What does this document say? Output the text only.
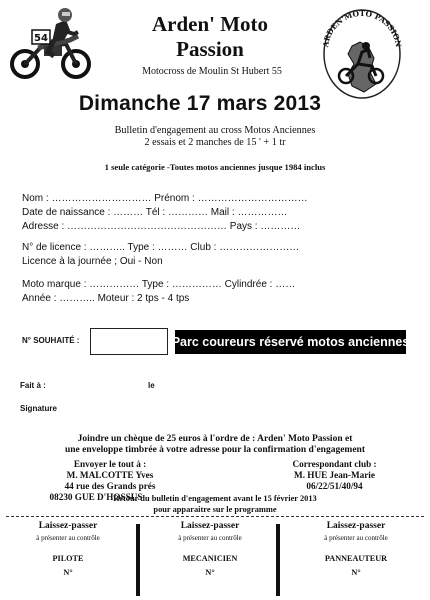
54
Arden' Moto
Passion
Motocross de Moulin St Hubert 55
ARDEN'MOTO PASSION
Dimanche 17 mars 2013
Bulletin d'engagement au cross Motos Anciennes
2 essais et 2 manches de 15 ' + 1 tr
1 seule catégorie -Toutes motos anciennes jusque 1984 inclus
Nom : ………………………… Prénom : ……………………………
Date de naissance : ……… Tél : ………… Mail : ……………
Adresse : ………………………………………… Pays : …………
N° de licence : ……….. Type : ……… Club : ……………………
Licence à la journée ; Oui - Non
Moto marque : …………… Type : …………… Cylindrée : ……
Année : ……….. Moteur : 2 tps - 4 tps
N° SOUHAITÉ :	Parc coureurs réservé motos anciennes
Fait à :	le
Signature
Joindre un chèque de 25 euros à l'ordre de : Arden' Moto Passion et
une enveloppe timbrée à votre adresse pour la confirmation d'engagement
Envoyer le tout à :
M. MALCOTTE Yves
44 rue des Grands prés
08230 GUE D'HOSSUS
Correspondant club :
M. HUE Jean-Marie
06/22/51/40/94
Retour du bulletin d'engagement avant le 15 février 2013
pour apparaitre sur le programme
Laissez-passer
à présenter au contrôle
PILOTE
N°
Laissez-passer
à présenter au contrôle
MECANICIEN
N°
Laissez-passer
à présenter au contrôle
PANNEAUTEUR
N°
